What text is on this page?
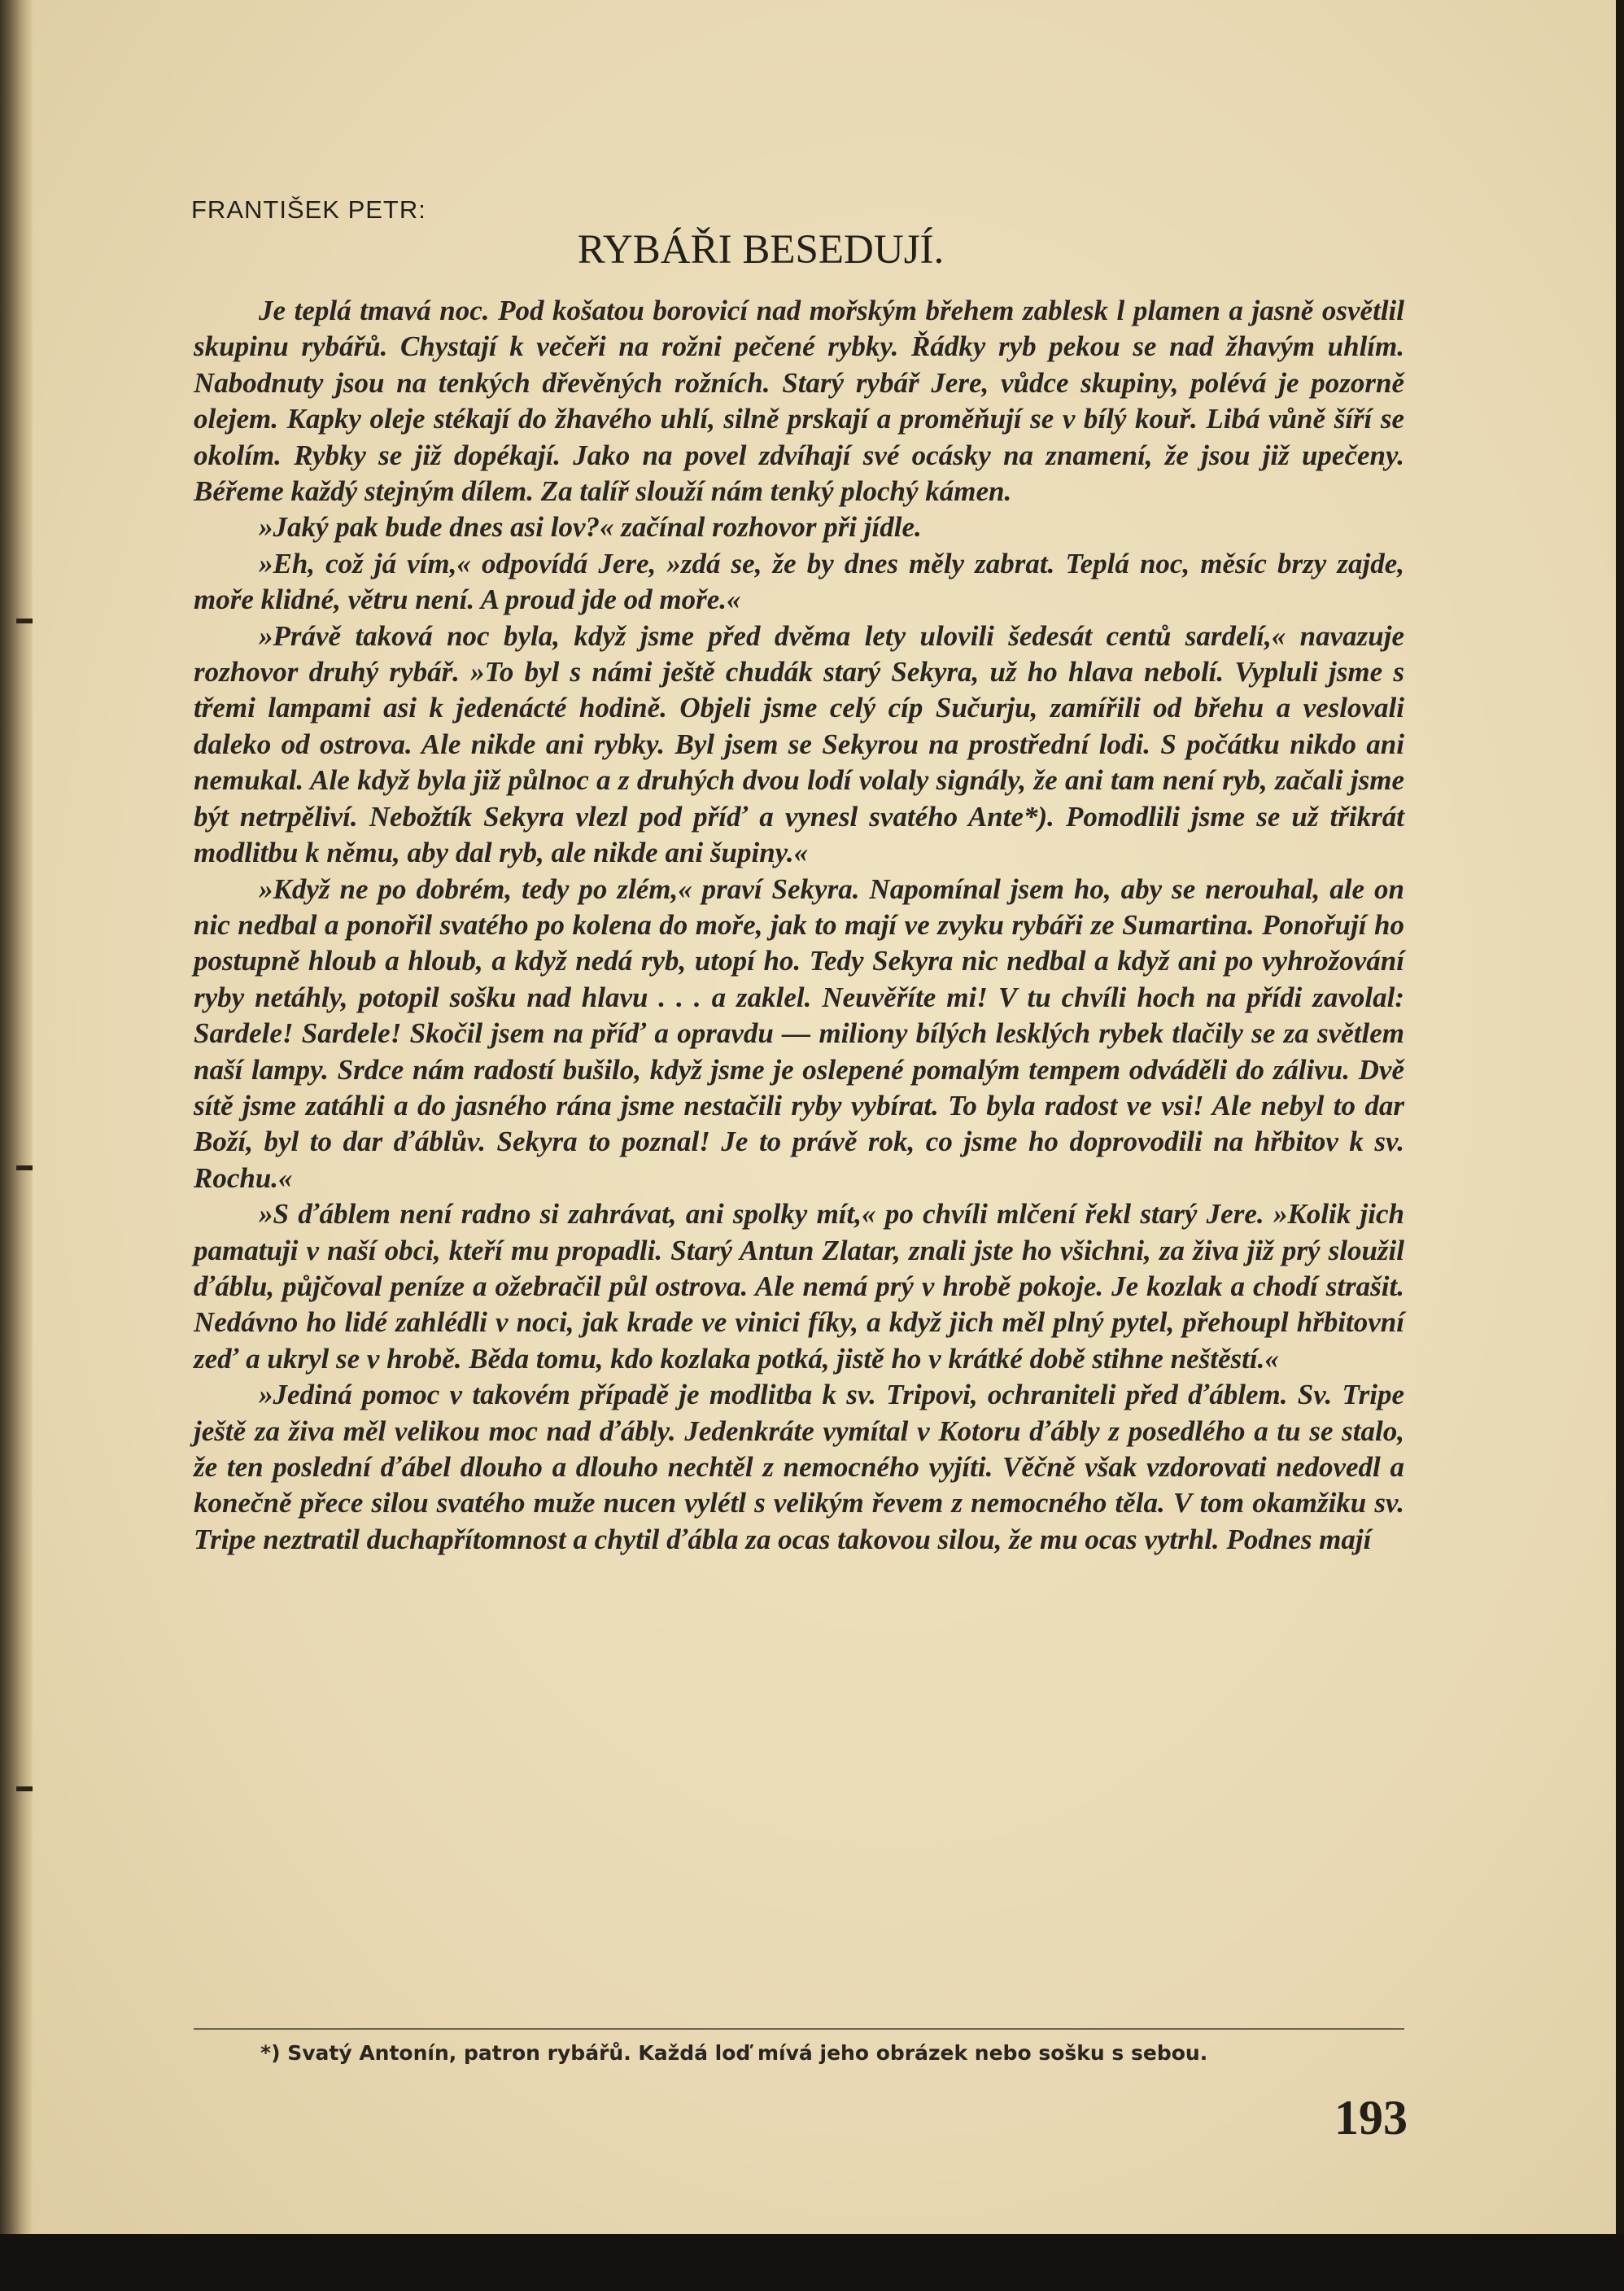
FRANTIŠEK PETR:
RYBÁŘI BESEDUJÍ.

Je teplá tmavá noc. Pod košatou borovicí nad mořským břehem zablesk l plamen a jasně osvětlil skupinu rybářů. Chystají k večeři na rožni pečené rybky. Řádky ryb pekou se nad žhavým uhlím. Nabodnuty jsou na tenkých dřevěných rožních. Starý rybář Jere, vůdce skupiny, polévá je pozorně olejem. Kapky oleje stékají do žhavého uhlí, silně prskají a proměňují se v bílý kouř. Libá vůně šíří se okolím. Rybky se již dopékají. Jako na povel zdvíhají své ocásky na znamení, že jsou již upečeny. Béřeme každý stejným dílem. Za talíř slouží nám tenký plochý kámen.

»Jaký pak bude dnes asi lov?« začínal rozhovor při jídle.

»Eh, což já vím,« odpovídá Jere, »zdá se, že by dnes měly zabrat. Teplá noc, měsíc brzy zajde, moře klidné, větru není. A proud jde od moře.«

»Právě taková noc byla, když jsme před dvěma lety ulovili šedesát centů sardelí,« navazuje rozhovor druhý rybář. »To byl s námi ještě chudák starý Sekyra, už ho hlava nebolí. Vypluli jsme s třemi lampami asi k jedenácté hodině. Objeli jsme celý cíp Sučurju, zamířili od břehu a veslovali daleko od ostrova. Ale nikde ani rybky. Byl jsem se Sekyrou na prostřední lodi. S počátku nikdo ani nemukal. Ale když byla již půlnoc a z druhých dvou lodí volaly signály, že ani tam není ryb, začali jsme být netrpěliví. Nebožtík Sekyra vlezl pod příď a vynesl svatého Ante*). Pomodlili jsme se už třikrát modlitbu k němu, aby dal ryb, ale nikde ani šupiny.«

»Když ne po dobrém, tedy po zlém,« praví Sekyra. Napomínal jsem ho, aby se nerouhal, ale on nic nedbal a ponořil svatého po kolena do moře, jak to mají ve zvyku rybáři ze Sumartina. Ponořují ho postupně hloub a hloub, a když nedá ryb, utopí ho. Tedy Sekyra nic nedbal a když ani po vyhrožování ryby netáhly, potopil sošku nad hlavu . . . a zaklel. Neuvěříte mi! V tu chvíli hoch na přídi zavolal: Sardele! Sardele! Skočil jsem na příď a opravdu — miliony bílých lesklých rybek tlačily se za světlem naší lampy. Srdce nám radostí bušilo, když jsme je oslepené pomalým tempem odváděli do zálivu. Dvě sítě jsme zatáhli a do jasného rána jsme nestačili ryby vybírat. To byla radost ve vsi! Ale nebyl to dar Boží, byl to dar ďáblův. Sekyra to poznal! Je to právě rok, co jsme ho doprovodili na hřbitov k sv. Rochu.«

»S ďáblem není radno si zahrávat, ani spolky mít,« po chvíli mlčení řekl starý Jere. »Kolik jich pamatuji v naší obci, kteří mu propadli. Starý Antun Zlatar, znali jste ho všichni, za živa již prý sloužil ďáblu, půjčoval peníze a ožebračil půl ostrova. Ale nemá prý v hrobě pokoje. Je kozlak a chodí strašit. Nedávno ho lidé zahlédli v noci, jak krade ve vinici fíky, a když jich měl plný pytel, přehoupl hřbitovní zeď a ukryl se v hrobě. Běda tomu, kdo kozlaka potká, jistě ho v krátké době stihne neštěstí.«

»Jediná pomoc v takovém případě je modlitba k sv. Tripovi, ochraniteli před ďáblem. Sv. Tripe ještě za živa měl velikou moc nad ďábly. Jedenkráte vymítal v Kotoru ďábly z posedlého a tu se stalo, že ten poslední ďábel dlouho a dlouho nechtěl z nemocného vyjíti. Věčně však vzdorovati nedovedl a konečně přece silou svatého muže nucen vylétl s velikým řevem z nemocného těla. V tom okamžiku sv. Tripe neztratil duchapřítomnost a chytil ďábla za ocas takovou silou, že mu ocas vytrhl. Podnes mají

*) Svatý Antonín, patron rybářů. Každá loď mívá jeho obrázek nebo sošku s sebou.
193
